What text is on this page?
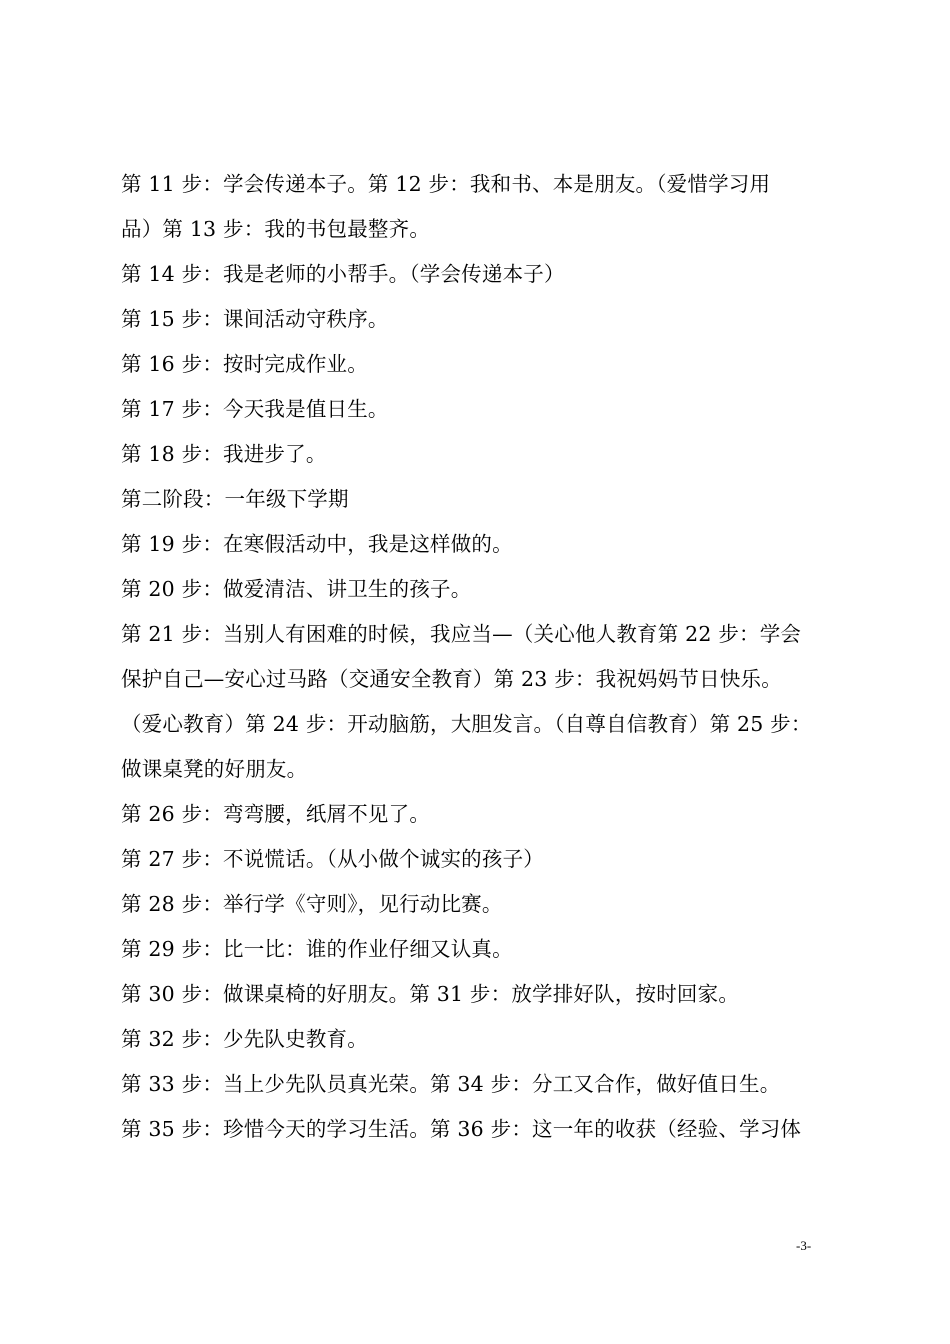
第 11 步：学会传递本子。第 12 步：我和书、本是朋友。（爱惜学习用
品）第 13 步：我的书包最整齐。
第 14 步：我是老师的小帮手。（学会传递本子）
第 15 步：课间活动守秩序。
第 16 步：按时完成作业。
第 17 步：今天我是值日生。
第 18 步：我进步了。
第二阶段：一年级下学期
第 19 步：在寒假活动中，我是这样做的。
第 20 步：做爱清洁、讲卫生的孩子。
第 21 步：当别人有困难的时候，我应当—（关心他人教育第 22 步：学会
保护自己—安心过马路（交通安全教育）第 23 步：我祝妈妈节日快乐。
（爱心教育）第 24 步：开动脑筋，大胆发言。（自尊自信教育）第 25 步：
做课桌凳的好朋友。
第 26 步：弯弯腰，纸屑不见了。
第 27 步：不说慌话。（从小做个诚实的孩子）
第 28 步：举行学《守则》，见行动比赛。
第 29 步：比一比：谁的作业仔细又认真。
第 30 步：做课桌椅的好朋友。第 31 步：放学排好队，按时回家。
第 32 步：少先队史教育。
第 33 步：当上少先队员真光荣。第 34 步：分工又合作，做好值日生。
第 35 步：珍惜今天的学习生活。第 36 步：这一年的收获（经验、学习体
-3-
